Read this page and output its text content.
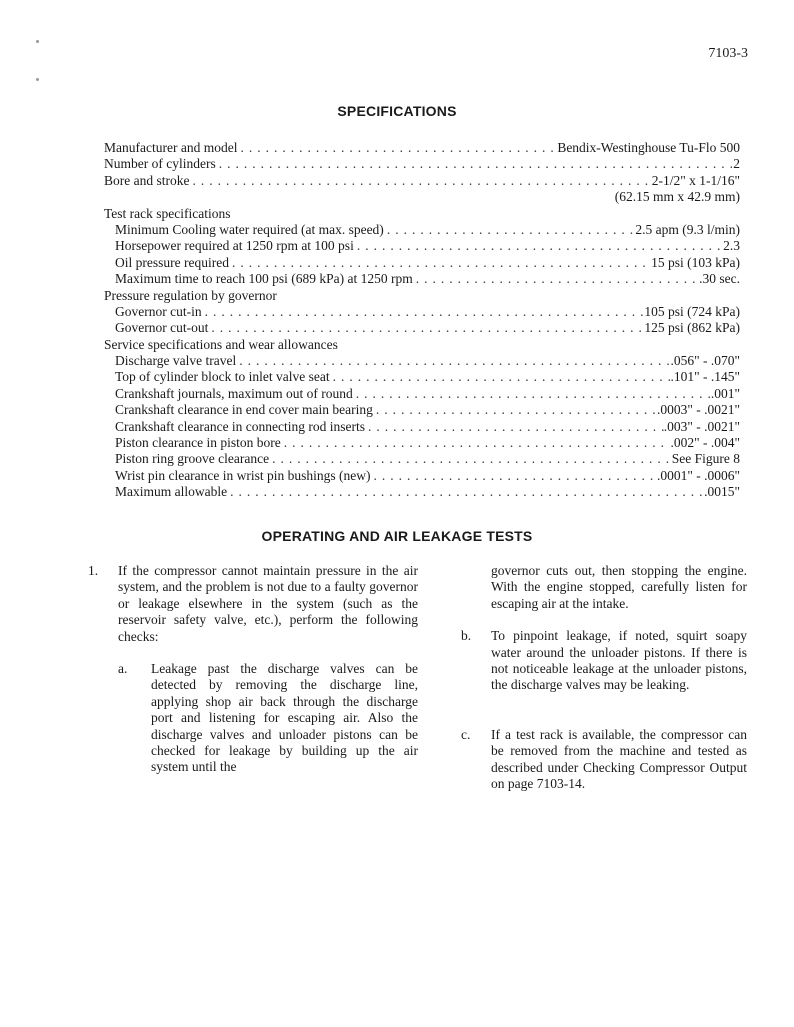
7103-3
SPECIFICATIONS
Manufacturer and model .....	Bendix-Westinghouse Tu-Flo 500
Number of cylinders .....	2
Bore and stroke .....	2-1/2" x 1-1/16"
(62.15 mm x 42.9 mm)
Test rack specifications
Minimum Cooling water required (at max. speed) .....	2.5 apm (9.3 l/min)
Horsepower required at 1250 rpm at 100 psi .....	2.3
Oil pressure required .....	15 psi (103 kPa)
Maximum time to reach 100 psi (689 kPa) at 1250 rpm .....	.30 sec.
Pressure regulation by governor
Governor cut-in .....	105 psi (724 kPa)
Governor cut-out .....	125 psi (862 kPa)
Service specifications and wear allowances
Discharge valve travel .....	.056" - .070"
Top of cylinder block to inlet valve seat .....	.101" - .145"
Crankshaft journals, maximum out of round .....	.001"
Crankshaft clearance in end cover main bearing .....	.0003" - .0021"
Crankshaft clearance in connecting rod inserts .....	.003" - .0021"
Piston clearance in piston bore .....	.002" - .004"
Piston ring groove clearance .....	See Figure 8
Wrist pin clearance in wrist pin bushings (new) .....	.0001" - .0006"
Maximum allowable .....	.0015"
OPERATING AND AIR LEAKAGE TESTS
1.	If the compressor cannot maintain pressure in the air system, and the problem is not due to a faulty governor or leakage elsewhere in the system (such as the reservoir safety valve, etc.), perform the following checks:
a.	Leakage past the discharge valves can be detected by removing the discharge line, applying shop air back through the discharge port and listening for escaping air. Also the discharge valves and unloader pistons can be checked for leakage by building up the air system until the
governor cuts out, then stopping the engine. With the engine stopped, carefully listen for escaping air at the intake.
b.	To pinpoint leakage, if noted, squirt soapy water around the unloader pistons. If there is not noticeable leakage at the unloader pistons, the discharge valves may be leaking.
c.	If a test rack is available, the compressor can be removed from the machine and tested as described under Checking Compressor Output on page 7103-14.
